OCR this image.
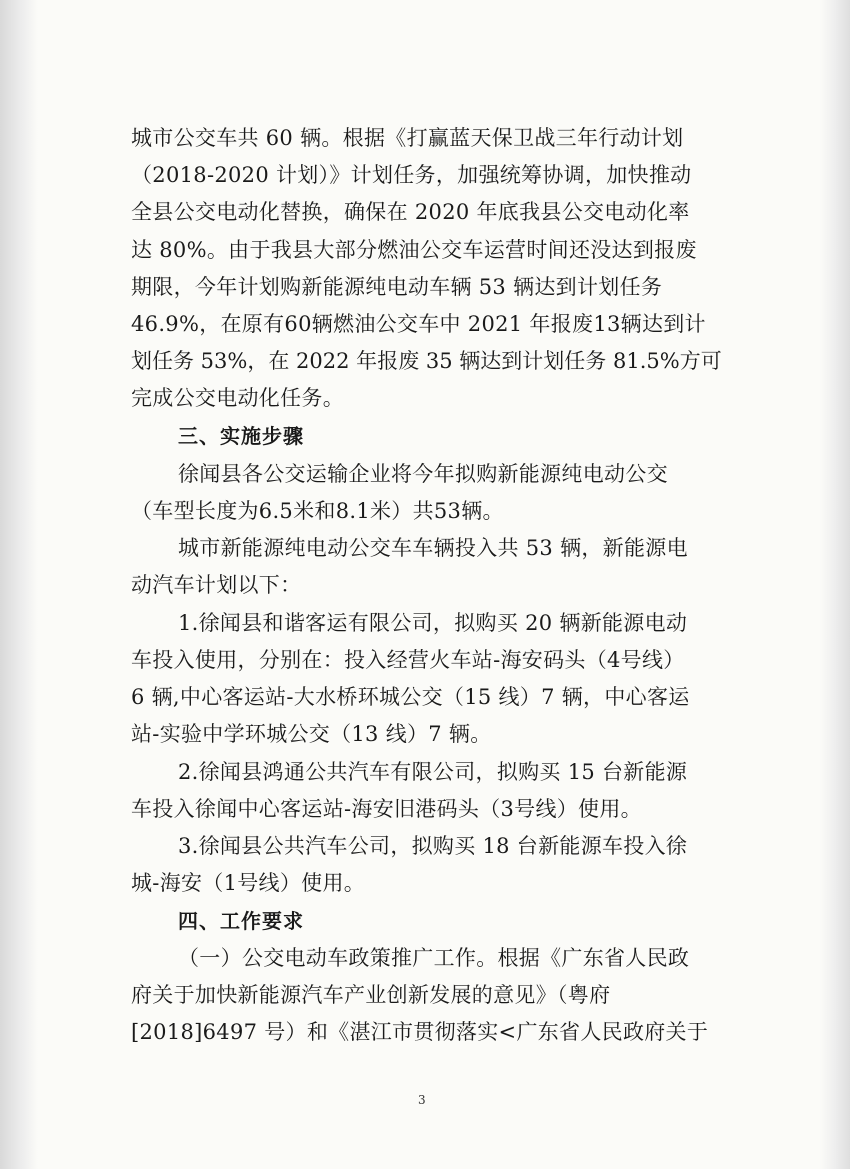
城市公交车共 60 辆。根据《打赢蓝天保卫战三年行动计划
（2018-2020 计划）》计划任务，加强统筹协调，加快推动
全县公交电动化替换，确保在 2020 年底我县公交电动化率
达 80%。由于我县大部分燃油公交车运营时间还没达到报废
期限，今年计划购新能源纯电动车辆 53 辆达到计划任务
46.9%，在原有60辆燃油公交车中 2021 年报废13辆达到计
划任务 53%，在 2022 年报废 35 辆达到计划任务 81.5%方可
完成公交电动化任务。
三、实施步骤
徐闻县各公交运输企业将今年拟购新能源纯电动公交
（车型长度为6.5米和8.1米）共53辆。
城市新能源纯电动公交车车辆投入共 53 辆，新能源电
动汽车计划以下：
1.徐闻县和谐客运有限公司，拟购买 20 辆新能源电动
车投入使用，分别在：投入经营火车站-海安码头（4号线）
6 辆,中心客运站-大水桥环城公交（15 线）7 辆，中心客运
站-实验中学环城公交（13 线）7 辆。
2.徐闻县鸿通公共汽车有限公司，拟购买 15 台新能源
车投入徐闻中心客运站-海安旧港码头（3号线）使用。
3.徐闻县公共汽车公司，拟购买 18 台新能源车投入徐
城-海安（1号线）使用。
四、工作要求
（一）公交电动车政策推广工作。根据《广东省人民政
府关于加快新能源汽车产业创新发展的意见》（粤府
[2018]6497 号）和《湛江市贯彻落实<广东省人民政府关于
3
